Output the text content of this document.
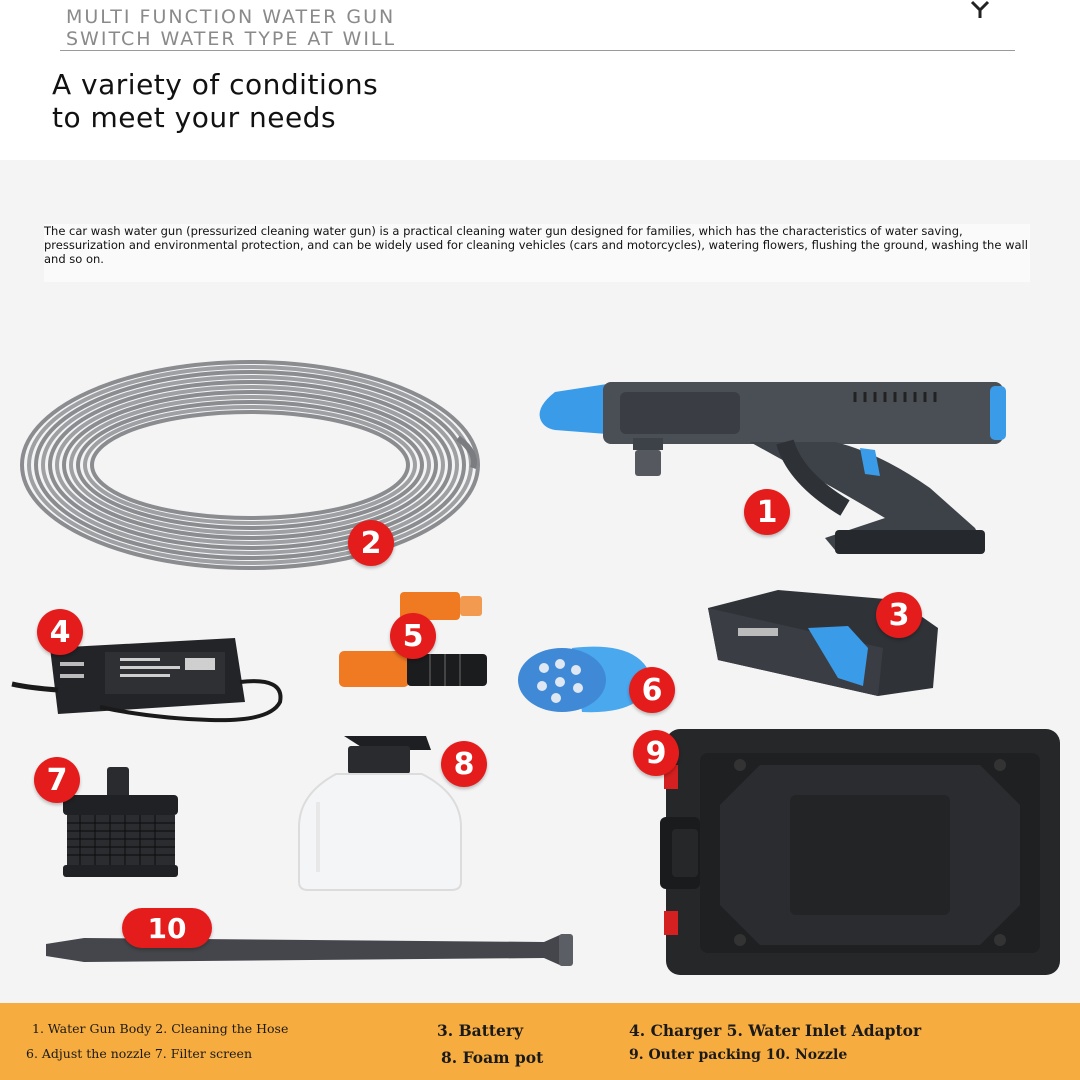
MULTI FUNCTION WATER GUN
SWITCH WATER TYPE AT WILL
A variety of conditions
to meet your needs
The car wash water gun (pressurized cleaning water gun) is a practical cleaning water gun designed for families, which has the characteristics of water saving, pressurization and environmental protection, and can be widely used for cleaning vehicles (cars and motorcycles), watering flowers, flushing the ground, washing the wall and so on.
1
2
3
4	5
6
7	8	9
10
1. Water Gun Body 2. Cleaning the Hose
6. Adjust the nozzle 7. Filter screen
3. Battery
8. Foam pot
4. Charger 5. Water Inlet Adaptor
9. Outer packing 10. Nozzle
